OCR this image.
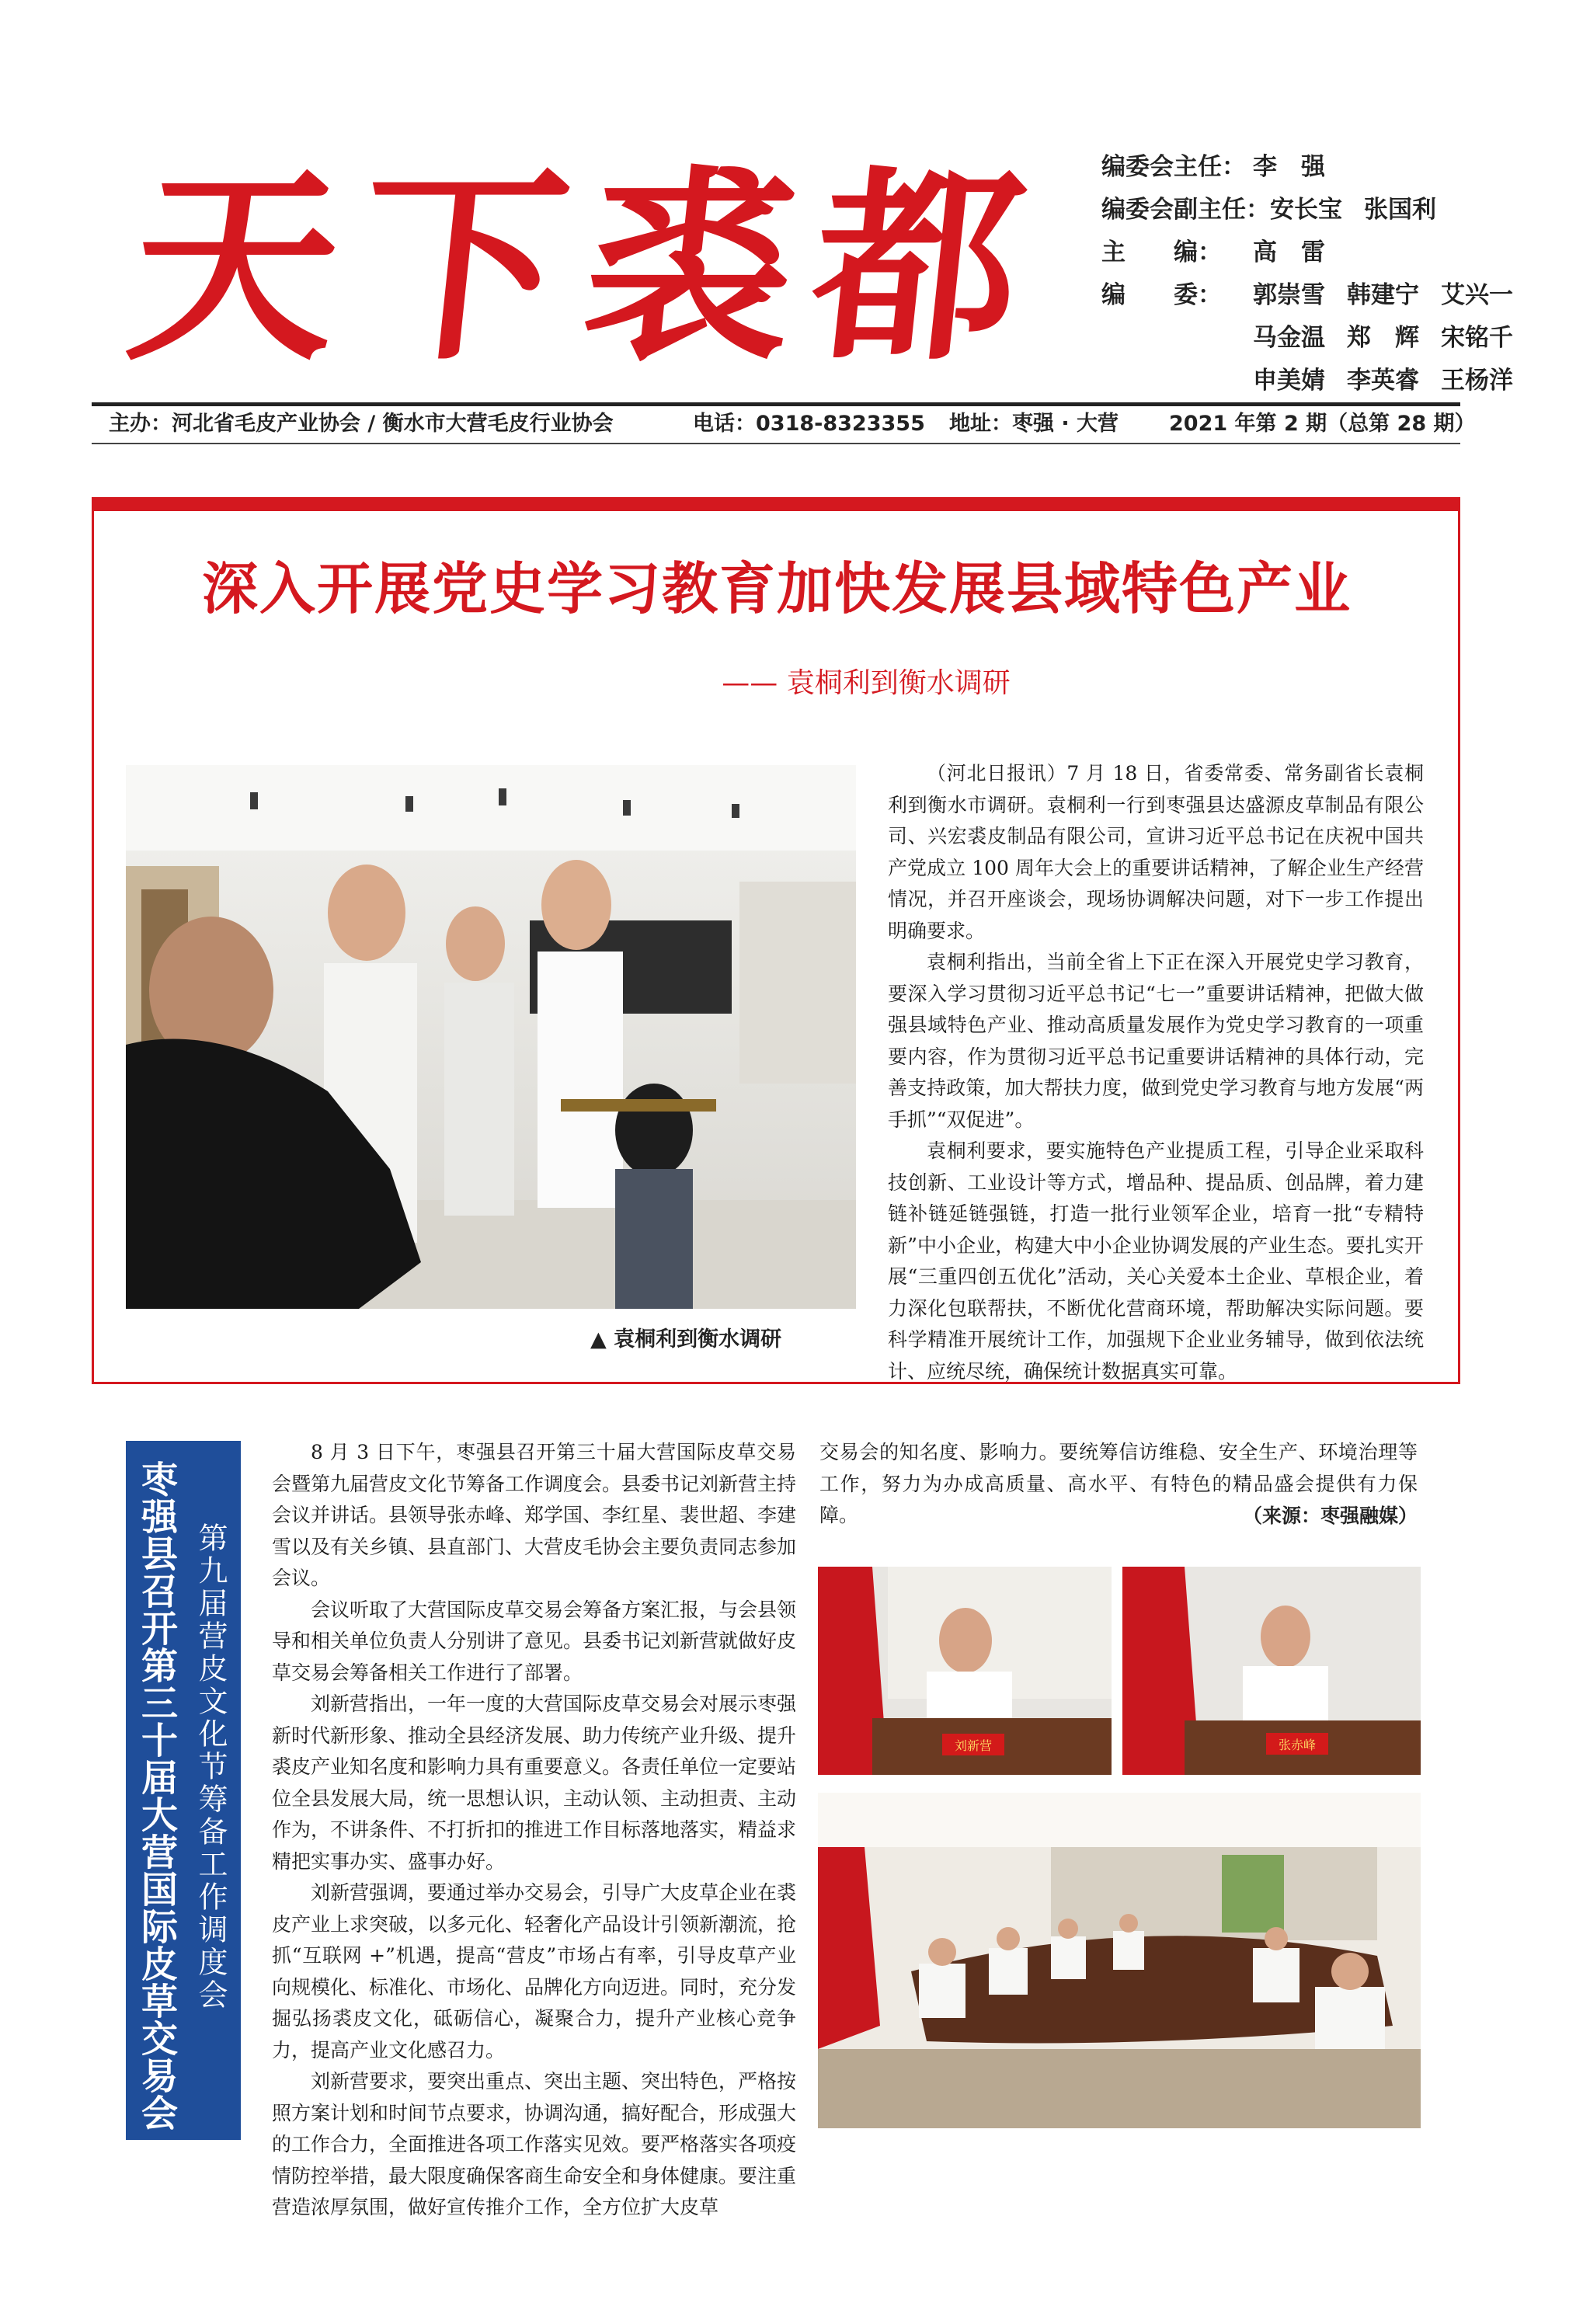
天下裘都 编委会主任： 李　强
编委会副主任： 安长宝 张国利
主　　编：	高　雷
编　　委：	郭崇雪 韩建宁 艾兴一
马金温 郑　辉 宋铭千
申美婧 李英睿 王杨洋
主办：河北省毛皮产业协会 / 衡水市大营毛皮行业协会	电话：0318-8323355 地址：枣强 · 大营 2021 年第 2 期（总第 28 期）
深入开展党史学习教育加快发展县域特色产业
—— 袁桐利到衡水调研
▲ 袁桐利到衡水调研

（河北日报讯）7 月 18 日，省委常委、常务副省长袁桐利到衡水市调研。袁桐利一行到枣强县达盛源皮草制品有限公司、兴宏裘皮制品有限公司，宣讲习近平总书记在庆祝中国共产党成立 100 周年大会上的重要讲话精神，了解企业生产经营情况，并召开座谈会，现场协调解决问题，对下一步工作提出明确要求。

袁桐利指出，当前全省上下正在深入开展党史学习教育，要深入学习贯彻习近平总书记“七一”重要讲话精神，把做大做强县域特色产业、推动高质量发展作为党史学习教育的一项重要内容，作为贯彻习近平总书记重要讲话精神的具体行动，完善支持政策，加大帮扶力度，做到党史学习教育与地方发展“两手抓”“双促进”。

袁桐利要求，要实施特色产业提质工程，引导企业采取科技创新、工业设计等方式，增品种、提品质、创品牌，着力建链补链延链强链，打造一批行业领军企业，培育一批“专精特新”中小企业，构建大中小企业协调发展的产业生态。要扎实开展“三重四创五优化”活动，关心关爱本土企业、草根企业，着力深化包联帮扶，不断优化营商环境，帮助解决实际问题。要科学精准开展统计工作，加强规下企业业务辅导，做到依法统计、应统尽统，确保统计数据真实可靠。

枣强县召开第三十届大营国际皮草交易会 第九届营皮文化节筹备工作调度会

8 月 3 日下午，枣强县召开第三十届大营国际皮草交易会暨第九届营皮文化节筹备工作调度会。县委书记刘新营主持会议并讲话。县领导张赤峰、郑学国、李红星、裴世超、李建雪以及有关乡镇、县直部门、大营皮毛协会主要负责同志参加会议。

会议听取了大营国际皮草交易会筹备方案汇报，与会县领导和相关单位负责人分别讲了意见。县委书记刘新营就做好皮草交易会筹备相关工作进行了部署。

刘新营指出，一年一度的大营国际皮草交易会对展示枣强新时代新形象、推动全县经济发展、助力传统产业升级、提升裘皮产业知名度和影响力具有重要意义。各责任单位一定要站位全县发展大局，统一思想认识，主动认领、主动担责、主动作为，不讲条件、不打折扣的推进工作目标落地落实，精益求精把实事办实、盛事办好。

刘新营强调，要通过举办交易会，引导广大皮草企业在裘皮产业上求突破，以多元化、轻奢化产品设计引领新潮流，抢抓“互联网 +”机遇，提高“营皮”市场占有率，引导皮草产业向规模化、标准化、市场化、品牌化方向迈进。同时，充分发掘弘扬裘皮文化，砥砺信心，凝聚合力，提升产业核心竞争力，提高产业文化感召力。

刘新营要求，要突出重点、突出主题、突出特色，严格按照方案计划和时间节点要求，协调沟通，搞好配合，形成强大的工作合力，全面推进各项工作落实见效。要严格落实各项疫情防控举措，最大限度确保客商生命安全和身体健康。要注重营造浓厚氛围，做好宣传推介工作，全方位扩大皮草

交易会的知名度、影响力。要统筹信访维稳、安全生产、环境治理等工作，努力为办成高质量、高水平、有特色的精品盛会提供有力保障。	（来源：枣强融媒）
刘新营	张赤峰
